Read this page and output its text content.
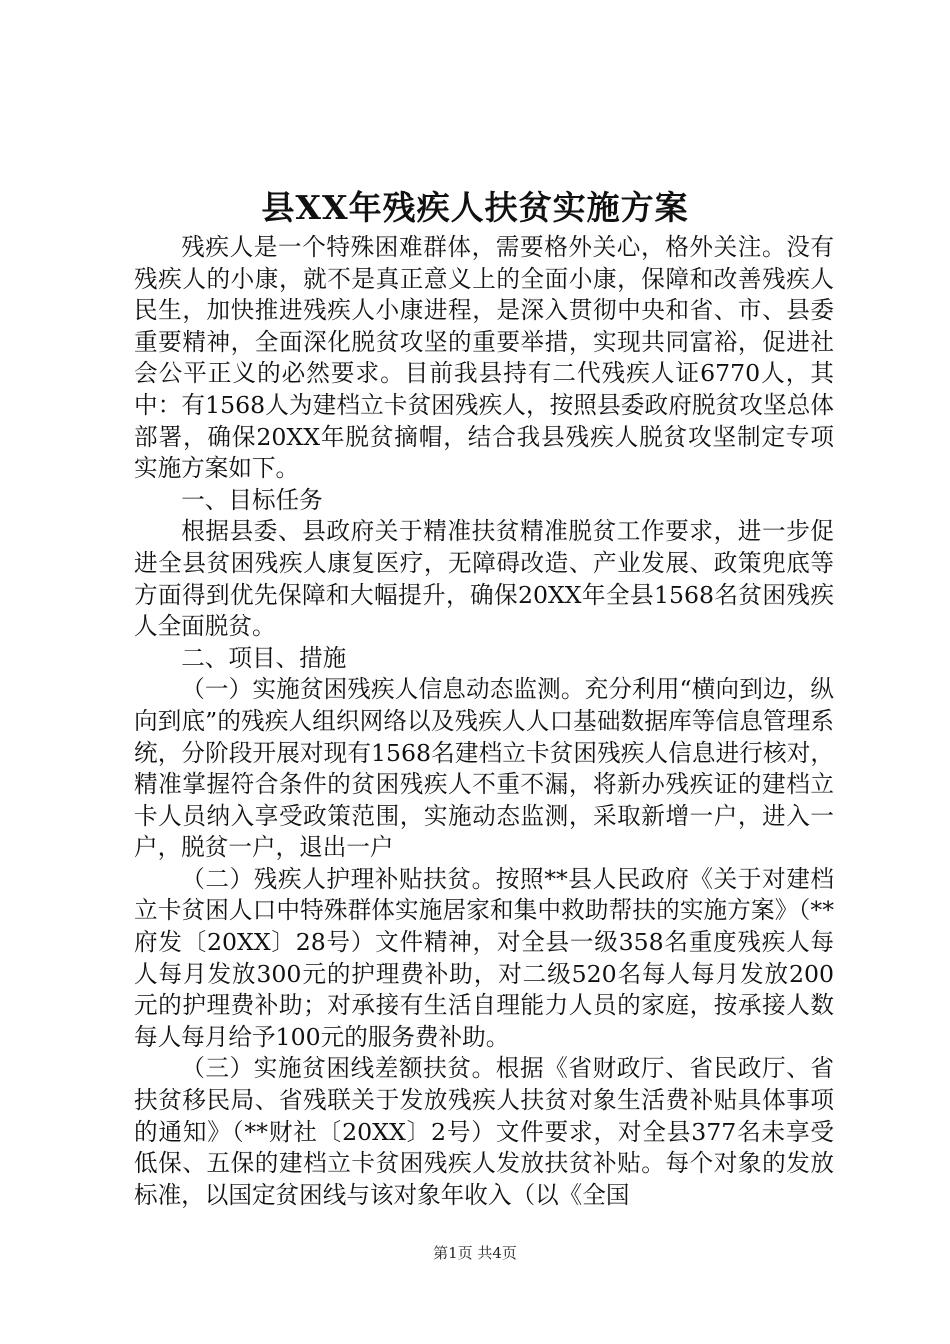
县XX年残疾人扶贫实施方案

残疾人是一个特殊困难群体，需要格外关心，格外关注。没有残疾人的小康，就不是真正意义上的全面小康，保障和改善残疾人民生，加快推进残疾人小康进程，是深入贯彻中央和省、市、县委重要精神，全面深化脱贫攻坚的重要举措，实现共同富裕，促进社会公平正义的必然要求。目前我县持有二代残疾人证6770人，其中：有1568人为建档立卡贫困残疾人，按照县委政府脱贫攻坚总体部署，确保20XX年脱贫摘帽，结合我县残疾人脱贫攻坚制定专项实施方案如下。

一、目标任务

根据县委、县政府关于精准扶贫精准脱贫工作要求，进一步促进全县贫困残疾人康复医疗，无障碍改造、产业发展、政策兜底等方面得到优先保障和大幅提升，确保20XX年全县1568名贫困残疾人全面脱贫。

二、项目、措施

（一）实施贫困残疾人信息动态监测。充分利用“横向到边，纵向到底”的残疾人组织网络以及残疾人人口基础数据库等信息管理系统，分阶段开展对现有1568名建档立卡贫困残疾人信息进行核对，精准掌握符合条件的贫困残疾人不重不漏，将新办残疾证的建档立卡人员纳入享受政策范围，实施动态监测，采取新增一户，进入一户，脱贫一户，退出一户

（二）残疾人护理补贴扶贫。按照**县人民政府《关于对建档立卡贫困人口中特殊群体实施居家和集中救助帮扶的实施方案》（**府发〔20XX〕28号）文件精神，对全县一级358名重度残疾人每人每月发放300元的护理费补助，对二级520名每人每月发放200元的护理费补助；对承接有生活自理能力人员的家庭，按承接人数每人每月给予100元的服务费补助。

（三）实施贫困线差额扶贫。根据《省财政厅、省民政厅、省扶贫移民局、省残联关于发放残疾人扶贫对象生活费补贴具体事项的通知》（**财社〔20XX〕2号）文件要求，对全县377名未享受低保、五保的建档立卡贫困残疾人发放扶贫补贴。每个对象的发放标准，以国定贫困线与该对象年收入（以《全国

第1页 共4页
